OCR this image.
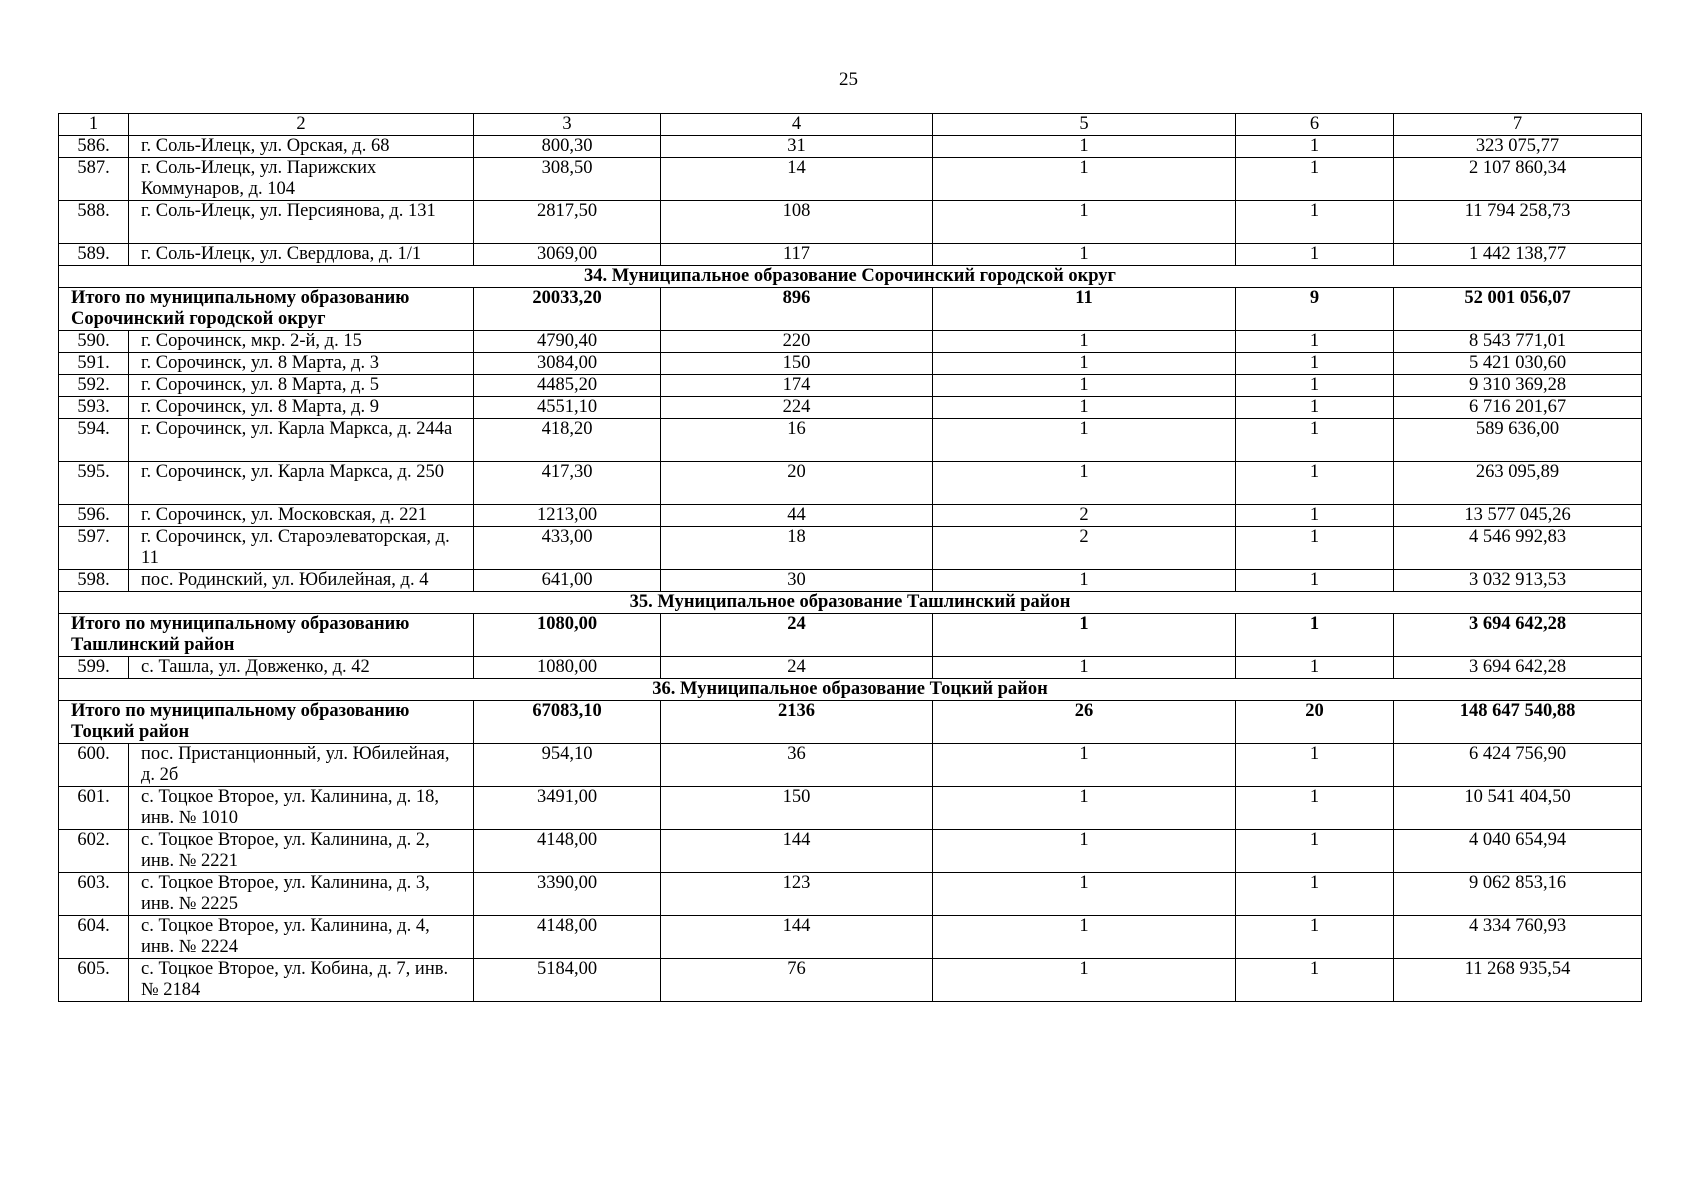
25
1	2	3	4	5	6	7
586.	г. Соль-Илецк, ул. Орская, д. 68	800,30	31	1	1	323 075,77
587.	г. Соль-Илецк, ул. Парижских Коммунаров, д. 104	308,50	14	1	1	2 107 860,34
588.	г. Соль-Илецк, ул. Персиянова, д. 131	2817,50	108	1	1	11 794 258,73
589.	г. Соль-Илецк, ул. Свердлова, д. 1/1	3069,00	117	1	1	1 442 138,77
34. Муниципальное образование Сорочинский городской округ						
Итого по муниципальному образованию Сорочинский городской округ		20033,20	896	11	9	52 001 056,07
590.	г. Сорочинск, мкр. 2-й, д. 15	4790,40	220	1	1	8 543 771,01
591.	г. Сорочинск, ул. 8 Марта, д. 3	3084,00	150	1	1	5 421 030,60
592.	г. Сорочинск, ул. 8 Марта, д. 5	4485,20	174	1	1	9 310 369,28
593.	г. Сорочинск, ул. 8 Марта, д. 9	4551,10	224	1	1	6 716 201,67
594.	г. Сорочинск, ул. Карла Маркса, д. 244а	418,20	16	1	1	589 636,00
595.	г. Сорочинск, ул. Карла Маркса, д. 250	417,30	20	1	1	263 095,89
596.	г. Сорочинск, ул. Московская, д. 221	1213,00	44	2	1	13 577 045,26
597.	г. Сорочинск, ул. Староэлеваторская, д. 11	433,00	18	2	1	4 546 992,83
598.	пос. Родинский, ул. Юбилейная, д. 4	641,00	30	1	1	3 032 913,53
35. Муниципальное образование Ташлинский район						
Итого по муниципальному образованию Ташлинский район		1080,00	24	1	1	3 694 642,28
599.	с. Ташла, ул. Довженко, д. 42	1080,00	24	1	1	3 694 642,28
36. Муниципальное образование Тоцкий район						
Итого по муниципальному образованию Тоцкий район		67083,10	2136	26	20	148 647 540,88
600.	пос. Пристанционный, ул. Юбилейная, д. 2б	954,10	36	1	1	6 424 756,90
601.	с. Тоцкое Второе, ул. Калинина, д. 18, инв. № 1010	3491,00	150	1	1	10 541 404,50
602.	с. Тоцкое Второе, ул. Калинина, д. 2, инв. № 2221	4148,00	144	1	1	4 040 654,94
603.	с. Тоцкое Второе, ул. Калинина, д. 3, инв. № 2225	3390,00	123	1	1	9 062 853,16
604.	с. Тоцкое Второе, ул. Калинина, д. 4, инв. № 2224	4148,00	144	1	1	4 334 760,93
605.	с. Тоцкое Второе, ул. Кобина, д. 7, инв. № 2184	5184,00	76	1	1	11 268 935,54
